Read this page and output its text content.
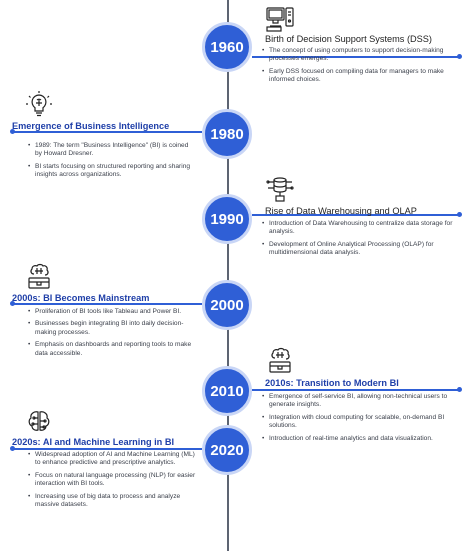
1960	Birth of Decision Support Systems (DSS)
• The concept of using computers to support decision-making processes emerges.
• Early DSS focused on compiling data for managers to make informed choices.
1980
Emergence of Business Intelligence
• 1989: The term "Business Intelligence" (BI) is coined by Howard Dresner.
• BI starts focusing on structured reporting and sharing insights across organizations.
1990	Rise of Data Warehousing and OLAP
• Introduction of Data Warehousing to centralize data storage for analysis.
• Development of Online Analytical Processing (OLAP) for multidimensional data analysis.
2000
2000s: BI Becomes Mainstream
• Proliferation of BI tools like Tableau and Power BI.
• Businesses begin integrating BI into daily decision-making processes.
• Emphasis on dashboards and reporting tools to make data accessible.
2010	2010s: Transition to Modern BI
• Emergence of self-service BI, allowing non-technical users to generate insights.
• Integration with cloud computing for scalable, on-demand BI solutions.
• Introduction of real-time analytics and data visualization.
2020
2020s: AI and Machine Learning in BI
• Widespread adoption of AI and Machine Learning (ML) to enhance predictive and prescriptive analytics.
• Focus on natural language processing (NLP) for easier interaction with BI tools.
• Increasing use of big data to process and analyze massive datasets.
